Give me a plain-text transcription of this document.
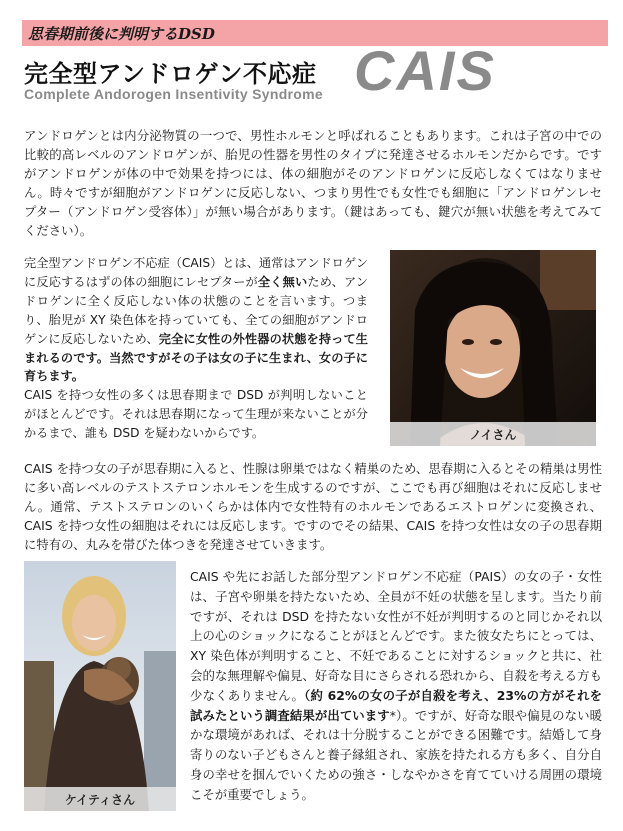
思春期前後に判明するDSD
完全型アンドロゲン不応症 CAIS
Complete Andorogen Insentivity Syndrome

アンドロゲンとは内分泌物質の一つで、男性ホルモンと呼ばれることもあります。これは子宮の中での比較的高レベルのアンドロゲンが、胎児の性器を男性のタイプに発達させるホルモンだからです。ですがアンドロゲンが体の中で効果を持つには、体の細胞がそのアンドロゲンに反応しなくてはなりません。時々ですが細胞がアンドロゲンに反応しない、つまり男性でも女性でも細胞に「アンドロゲンレセプター（アンドロゲン受容体）」が無い場合があります。（鍵はあっても、鍵穴が無い状態を考えてみてください）。

完全型アンドロゲン不応症（CAIS）とは、通常はアンドロゲンに反応するはずの体の細胞にレセプターが全く無いため、アンドロゲンに全く反応しない体の状態のことを言います。つまり、胎児が XY 染色体を持っていても、全ての細胞がアンドロゲンに反応しないため、完全に女性の外性器の状態を持って生まれるのです。当然ですがその子は女の子に生まれ、女の子に育ちます。
CAIS を持つ女性の多くは思春期まで DSD が判明しないことがほとんどです。それは思春期になって生理が来ないことが分かるまで、誰も DSD を疑わないからです。	ノイさん

CAIS を持つ女の子が思春期に入ると、性腺は卵巣ではなく精巣のため、思春期に入るとその精巣は男性に多い高レベルのテストステロンホルモンを生成するのですが、ここでも再び細胞はそれに反応しません。通常、テストステロンのいくらかは体内で女性特有のホルモンであるエストロゲンに変換され、CAIS を持つ女性の細胞はそれには反応します。ですのでその結果、CAIS を持つ女性は女の子の思春期に特有の、丸みを帯びた体つきを発達させていきます。

ケイティさん

CAIS や先にお話した部分型アンドロゲン不応症（PAIS）の女の子・女性は、子宮や卵巣を持たないため、全員が不妊の状態を呈します。当たり前ですが、それは DSD を持たない女性が不妊が判明するのと同じかそれ以上の心のショックになることがほとんどです。また彼女たちにとっては、XY 染色体が判明すること、不妊であることに対するショックと共に、社会的な無理解や偏見、好奇な目にさらされる恐れから、自殺を考える方も少なくありません。（約 62%の女の子が自殺を考え、23%の方がそれを試みたという調査結果が出ています*）。ですが、好奇な眼や偏見のない暖かな環境があれば、それは十分脱することができる困難です。結婚して身寄りのない子どもさんと養子縁組され、家族を持たれる方も多く、自分自身の幸せを掴んでいくための強さ・しなやかさを育てていける周囲の環境こそが重要でしょう。
